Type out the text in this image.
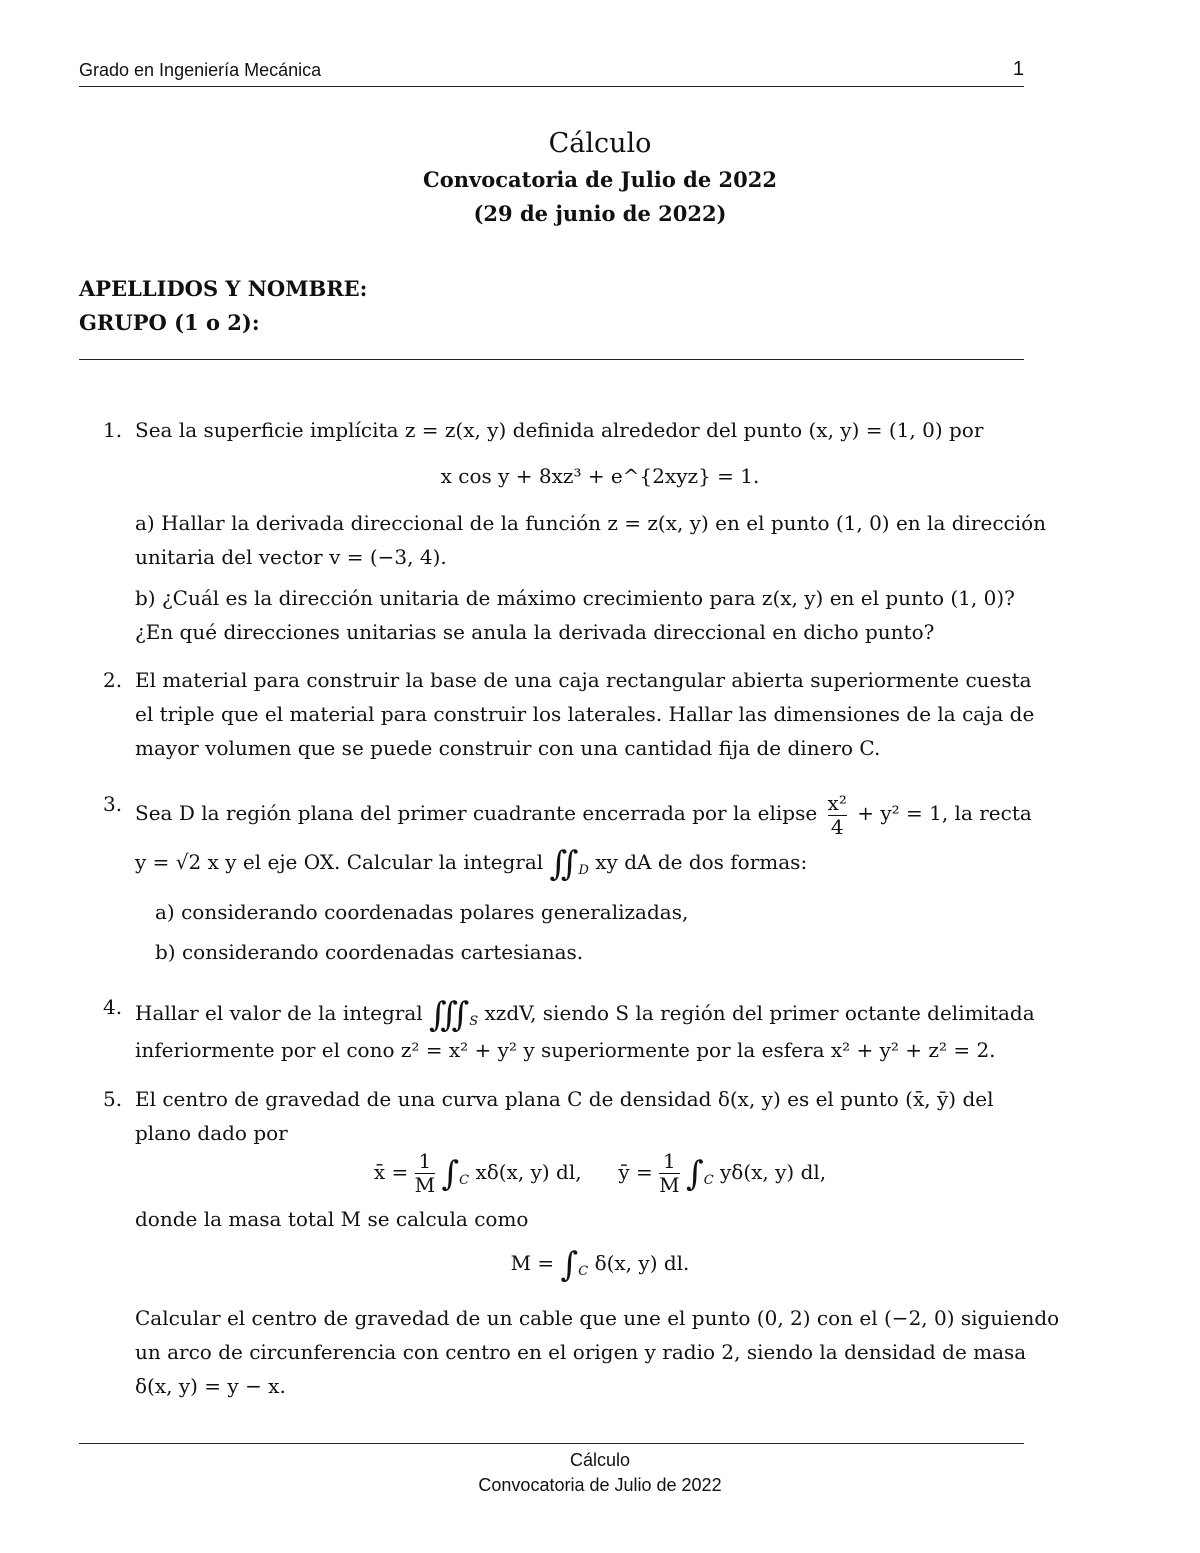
Grado en Ingeniería Mecánica	1
Cálculo
Convocatoria de Julio de 2022
(29 de junio de 2022)
APELLIDOS Y NOMBRE:
GRUPO (1 o 2):
1. Sea la superficie implícita z = z(x, y) definida alrededor del punto (x, y) = (1, 0) por
x cos y + 8xz³ + e^{2xyz} = 1.
a) Hallar la derivada direccional de la función z = z(x, y) en el punto (1, 0) en la dirección
unitaria del vector v = (−3, 4).
b) ¿Cuál es la dirección unitaria de máximo crecimiento para z(x, y) en el punto (1, 0)?
¿En qué direcciones unitarias se anula la derivada direccional en dicho punto?
2. El material para construir la base de una caja rectangular abierta superiormente cuesta
el triple que el material para construir los laterales. Hallar las dimensiones de la caja de
mayor volumen que se puede construir con una cantidad fija de dinero C.
3. Sea D la región plana del primer cuadrante encerrada por la elipse $\frac{\text{x²}}{4} + y^2 = 1$, la recta
y = √2 x y el eje OX. Calcular la integral $∬_D$ xy dA de dos formas:
a) considerando coordenadas polares generalizadas,
b) considerando coordenadas cartesianas.
4. Hallar el valor de la integral $∭_S$ xzdV, siendo S la región del primer octante delimitada
inferiormente por el cono z² = x² + y² y superiormente por la esfera x² + y² + z² = 2.
5. El centro de gravedad de una curva plana C de densidad δ(x, y) es el punto (x̄, ȳ) del
plano dado por
x̄ = $\frac{1}{M} \int_C$ xδ(x, y) dl, ȳ = $\frac{1}{M} \int_C$ yδ(x, y) dl,
donde la masa total M se calcula como
$M = \int_C$ δ(x, y) dl.
Calcular el centro de gravedad de un cable que une el punto (0, 2) con el (−2, 0) siguiendo
un arco de circunferencia con centro en el origen y radio 2, siendo la densidad de masa
δ(x, y) = y − x.
Cálculo
Convocatoria de Julio de 2022
